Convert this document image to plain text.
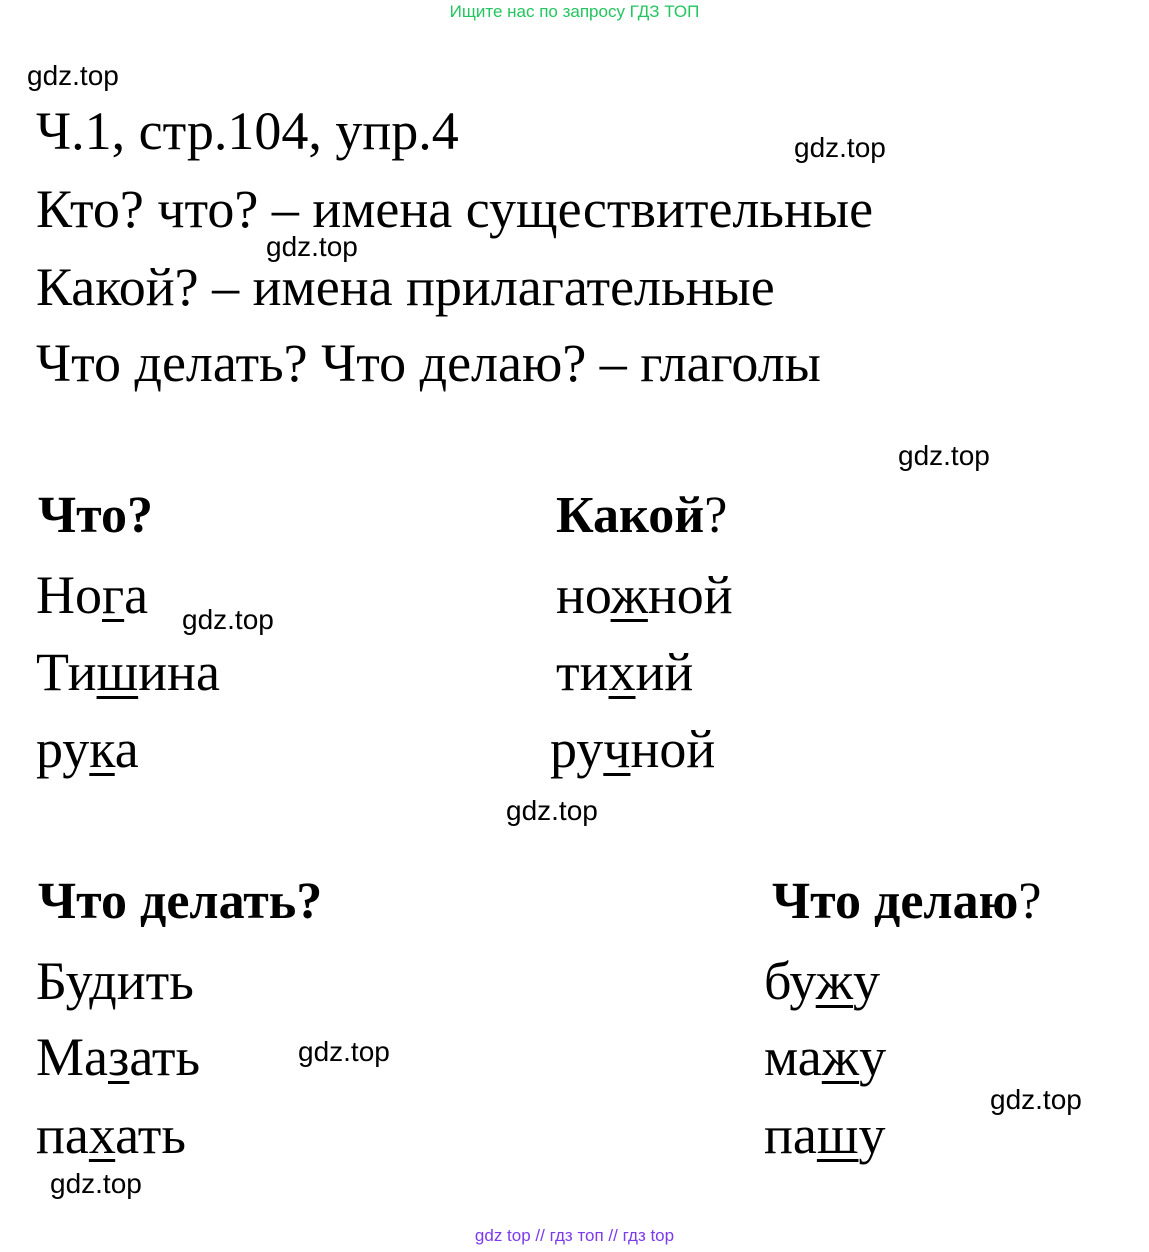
Ищите нас по запросу ГДЗ ТОП
gdz.top
gdz.top
gdz.top
gdz.top
gdz.top
gdz.top
gdz.top
gdz.top
gdz.top
Ч.1, стр.104, упр.4
Кто? что? – имена существительные
Какой? – имена прилагательные
Что делать? Что делаю? – глаголы
Что?	Какой?
Нога
Тишина
рука
ножной
тихий
ручной
Что делать?	Что делаю?
Будить
Мазать
пахать
бужу
мажу
пашу
gdz top // гдз топ // гдз top
